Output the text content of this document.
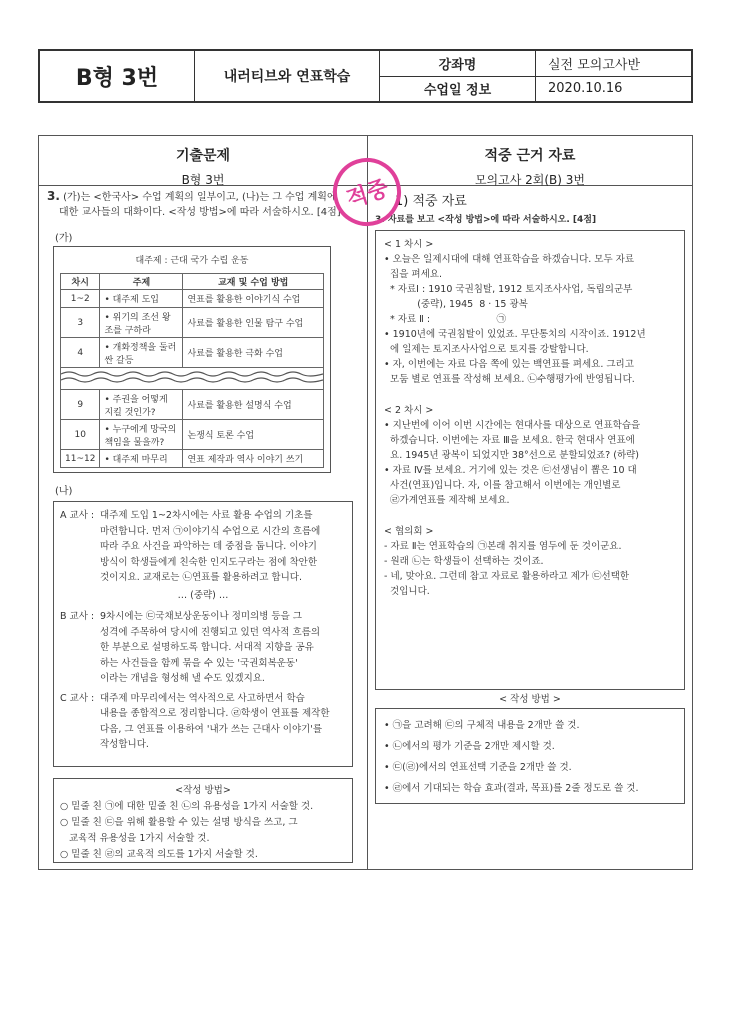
B형 3번	내러티브와 연표학습
강좌명	실전 모의고사반
수업일 정보	2020.10.16
기출문제
B형 3번
적중 근거 자료
모의고사 2회(B) 3번
3. (가)는 <한국사> 수업 계획의 일부이고, (나)는 그 수업 계획에
대한 교사들의 대화이다. <작성 방법>에 따라 서술하시오. [4점]
(가)
대주제 : 근대 국가 수립 운동
차시	주제	교재 및 수업 방법
1~2	• 대주제 도입	연표를 활용한 이야기식 수업
3	• 위기의 조선 왕조를 구하라	사료를 활용한 인물 탐구 수업
4	• 개화정책을 둘러싼 갈등	사료를 활용한 극화 수업

9	• 주권을 어떻게 지킬 것인가?	사료를 활용한 설명식 수업
10	• 누구에게 망국의 책임을 물을까?	논쟁식 토론 수업
11~12	• 대주제 마무리	연표 제작과 역사 이야기 쓰기
(나)
A 교사 : 대주제 도입 1~2차시에는 사료 활용 수업의 기초를
마련합니다. 먼저 ㉠이야기식 수업으로 시간의 흐름에
따라 주요 사건을 파악하는 데 중점을 둡니다. 이야기
방식이 학생들에게 친숙한 인지도구라는 점에 착안한
것이지요. 교재로는 ㉡연표를 활용하려고 합니다.
… (중략) …
B 교사 : 9차시에는 ㉢국채보상운동이나 정미의병 등을 그
성격에 주목하여 당시에 진행되고 있던 역사적 흐름의
한 부분으로 설명하도록 합니다. 서대적 지향을 공유
하는 사건들을 함께 묶을 수 있는 '국권회복운동'
이라는 개념을 형성해 낼 수도 있겠지요.
C 교사 : 대주제 마무리에서는 역사적으로 사고하면서 학습
내용을 종합적으로 정리합니다. ㉣학생이 연표를 제작한
다음, 그 연표를 이용하여 '내가 쓰는 근대사 이야기'를
작성합니다.
<작성 방법>
○ 밑줄 친 ㉠에 대한 밑줄 친 ㉡의 유용성을 1가지 서술할 것.
○ 밑줄 친 ㉢을 위해 활용할 수 있는 설명 방식을 쓰고, 그
교육적 유용성을 1가지 서술할 것.
○ 밑줄 친 ㉣의 교육적 의도를 1가지 서술할 것.
1) 적중 자료
3. 자료를 보고 <작성 방법>에 따라 서술하시오. [4점]
< 1 차시 >
• 오늘은 일제시대에 대해 연표학습을 하겠습니다. 모두 자료
집을 펴세요.
* 자료Ⅰ : 1910 국권침탈, 1912 토지조사사업, 독립의군부
(중략), 1945  8 · 15 광복
* 자료 Ⅱ :                      ㉠
• 1910년에 국권침탈이 있었죠. 무단통치의 시작이죠. 1912년
에 일제는 토지조사사업으로 토지를 강탈합니다.
• 자, 이번에는 자료 다음 쪽에 있는 백연표를 펴세요. 그리고
모둠 별로 연표를 작성해 보세요. ㉡수행평가에 반영됩니다.
< 2 차시 >
• 지난번에 이어 이번 시간에는 현대사를 대상으로 연표학습을
하겠습니다. 이번에는 자료 Ⅲ을 보세요. 한국 현대사 연표에
요. 1945년 광복이 되었지만 38°선으로 분할되었죠? (하략)
• 자료 Ⅳ를 보세요. 거기에 있는 것은 ㉢선생님이 뽑은 10 대
사건(연표)입니다. 자, 이를 참고해서 이번에는 개인별로
㉣가계연표를 제작해 보세요.
< 협의회 >
- 자료 Ⅱ는 연표학습의 ㉠본래 취지를 염두에 둔 것이군요.
- 원래 ㉡는 학생들이 선택하는 것이죠.
- 네, 맞아요. 그런데 참고 자료로 활용하라고 제가 ㉢선택한
것입니다.
< 작성 방법 >
• ㉠을 고려해 ㉢의 구체적 내용을 2개만 쓸 것.
• ㉡에서의 평가 기준을 2개만 제시할 것.
• ㉢(㉣)에서의 연표선택 기준을 2개만 쓸 것.
• ㉣에서 기대되는 학습 효과(결과, 목표)를 2줄 정도로 쓸 것.
적중
